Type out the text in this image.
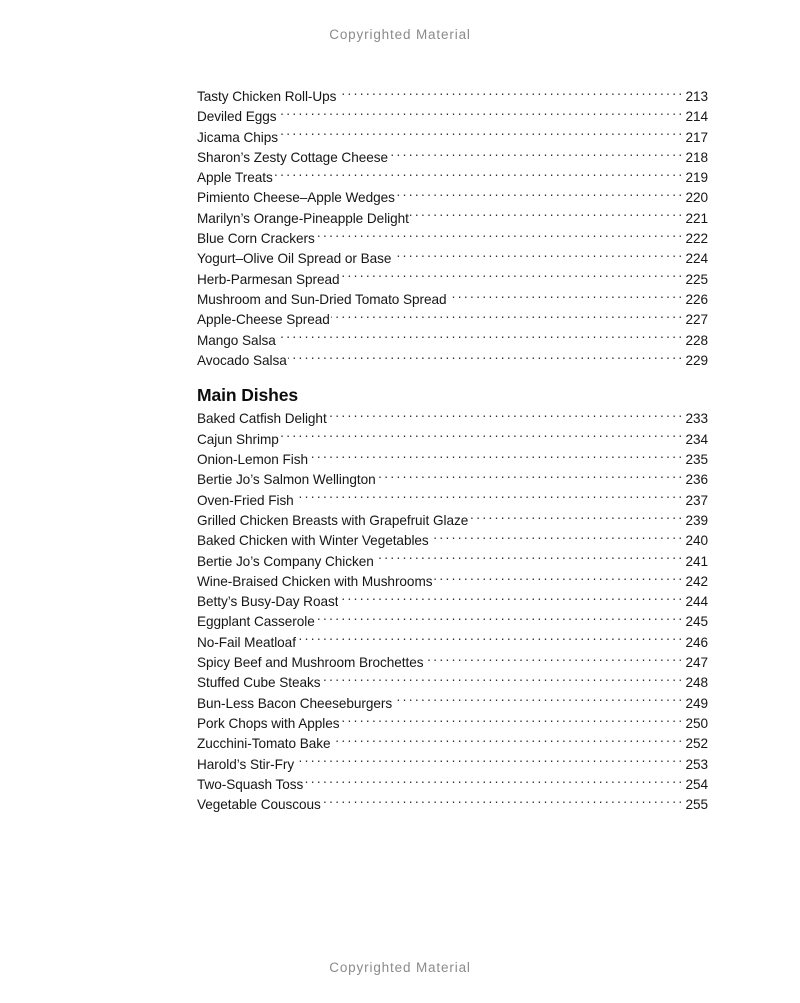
Copyrighted Material
Tasty Chicken Roll-Ups .....	213
Deviled Eggs .....	214
Jicama Chips .....	217
Sharon’s Zesty Cottage Cheese .....	218
Apple Treats .....	219
Pimiento Cheese–Apple Wedges .....	220
Marilyn’s Orange-Pineapple Delight .....	221
Blue Corn Crackers .....	222
Yogurt–Olive Oil Spread or Base .....	224
Herb-Parmesan Spread .....	225
Mushroom and Sun-Dried Tomato Spread .....	226
Apple-Cheese Spread .....	227
Mango Salsa .....	228
Avocado Salsa .....	229
Main Dishes
Baked Catfish Delight .....	233
Cajun Shrimp .....	234
Onion-Lemon Fish .....	235
Bertie Jo’s Salmon Wellington .....	236
Oven-Fried Fish .....	237
Grilled Chicken Breasts with Grapefruit Glaze .....	239
Baked Chicken with Winter Vegetables .....	240
Bertie Jo’s Company Chicken .....	241
Wine-Braised Chicken with Mushrooms .....	242
Betty’s Busy-Day Roast .....	244
Eggplant Casserole .....	245
No-Fail Meatloaf .....	246
Spicy Beef and Mushroom Brochettes .....	247
Stuffed Cube Steaks .....	248
Bun-Less Bacon Cheeseburgers .....	249
Pork Chops with Apples .....	250
Zucchini-Tomato Bake .....	252
Harold’s Stir-Fry .....	253
Two-Squash Toss .....	254
Vegetable Couscous .....	255
Copyrighted Material
